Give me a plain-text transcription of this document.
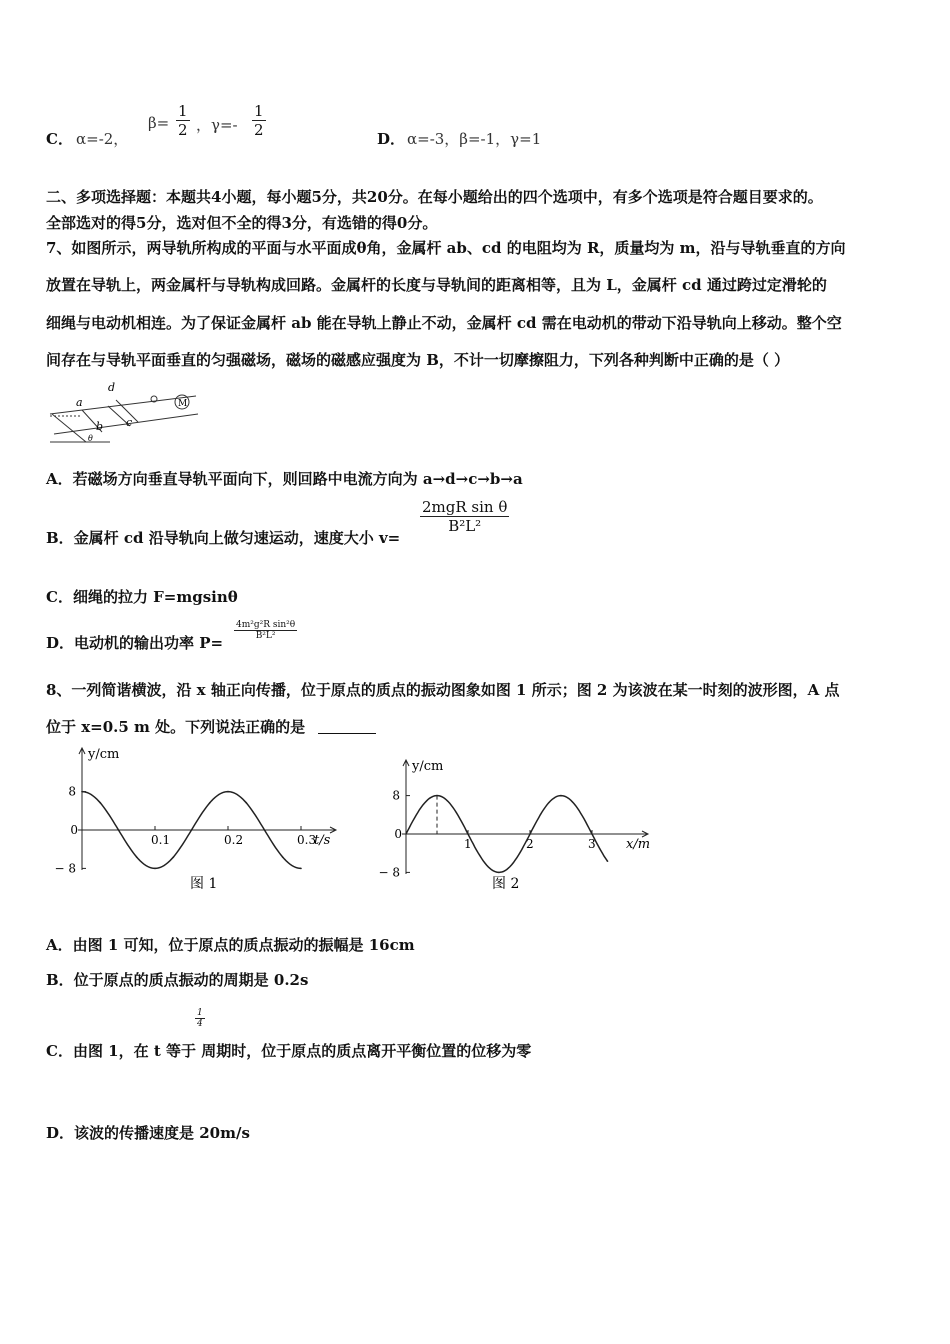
C． α=-2，
$\beta= \frac{1}{2}$ ，$\gamma=- \frac{1}{2}$	D． α=-3，β=-1，γ=1
二、多项选择题：本题共4小题，每小题5分，共20分。在每小题给出的四个选项中，有多个选项是符合题目要求的。
全部选对的得5分，选对但不全的得3分，有选错的得0分。
7、如图所示，两导轨所构成的平面与水平面成θ角，金属杆 ab、cd 的电阻均为 R，质量均为 m，沿与导轨垂直的方向
放置在导轨上，两金属杆与导轨构成回路。金属杆的长度与导轨间的距离相等，且为 L，金属杆 cd 通过跨过定滑轮的
细绳与电动机相连。为了保证金属杆 ab 能在导轨上静止不动，金属杆 cd 需在电动机的带动下沿导轨向上移动。整个空
间存在与导轨平面垂直的匀强磁场，磁场的磁感应强度为 B，不计一切摩擦阻力，下列各种判断中正确的是（ ）
a
b c
d
θ
M
A．若磁场方向垂直导轨平面向下，则回路中电流方向为 a→d→c→b→a
B．金属杆 cd 沿导轨向上做匀速运动，速度大小 v=
2mgR sin θ
B²L²
C．细绳的拉力 F=mgsinθ
D．电动机的输出功率 P=
$\frac{\text{4m²g²R sin²θ}}{\text{B²L²}}$
8、一列简谐横波，沿 x 轴正向传播，位于原点的质点的振动图象如图 1 所示；图 2 为该波在某一时刻的波形图，A 点
位于 x=0.5 m 处。下列说法正确的是
8
− 8
0
0.1	0.2	0.3
y/cm
t/s
图 1
8
− 8
0
1	2	3
y/cm
x/m
图 2
A．由图 1 可知，位于原点的质点振动的振幅是 16cm
B．位于原点的质点振动的周期是 0.2s
$\frac{1}{4}$
C．由图 1，在 t 等于 周期时，位于原点的质点离开平衡位置的位移为零
D．该波的传播速度是 20m/s
